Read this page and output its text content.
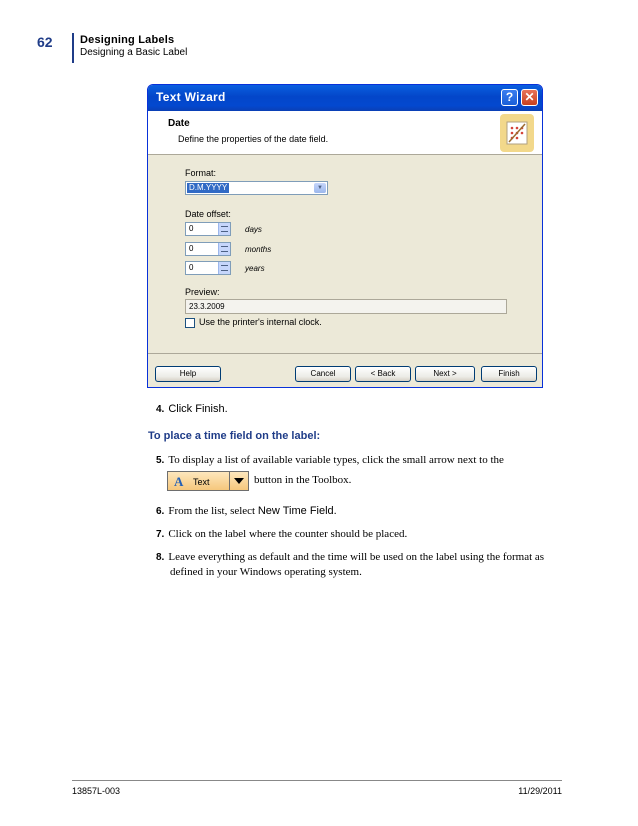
62 Designing Labels
Designing a Basic Label
Text Wizard	? ✕
Date
Define the properties of the date field.
Format:
D.M.YYYY	▼
Date offset:
0	days
0	months
0	years
Preview:
23.3.2009
Use the printer's internal clock.
Help	Cancel	< Back	Next >	Finish
4. Click Finish.
To place a time field on the label:
5. To display a list of available variable types, click the small arrow next to the
A Text	button in the Toolbox.
6. From the list, select New Time Field.
7. Click on the label where the counter should be placed.
8. Leave everything as default and the time will be used on the label using the format as
defined in your Windows operating system.
13857L-003	11/29/2011
